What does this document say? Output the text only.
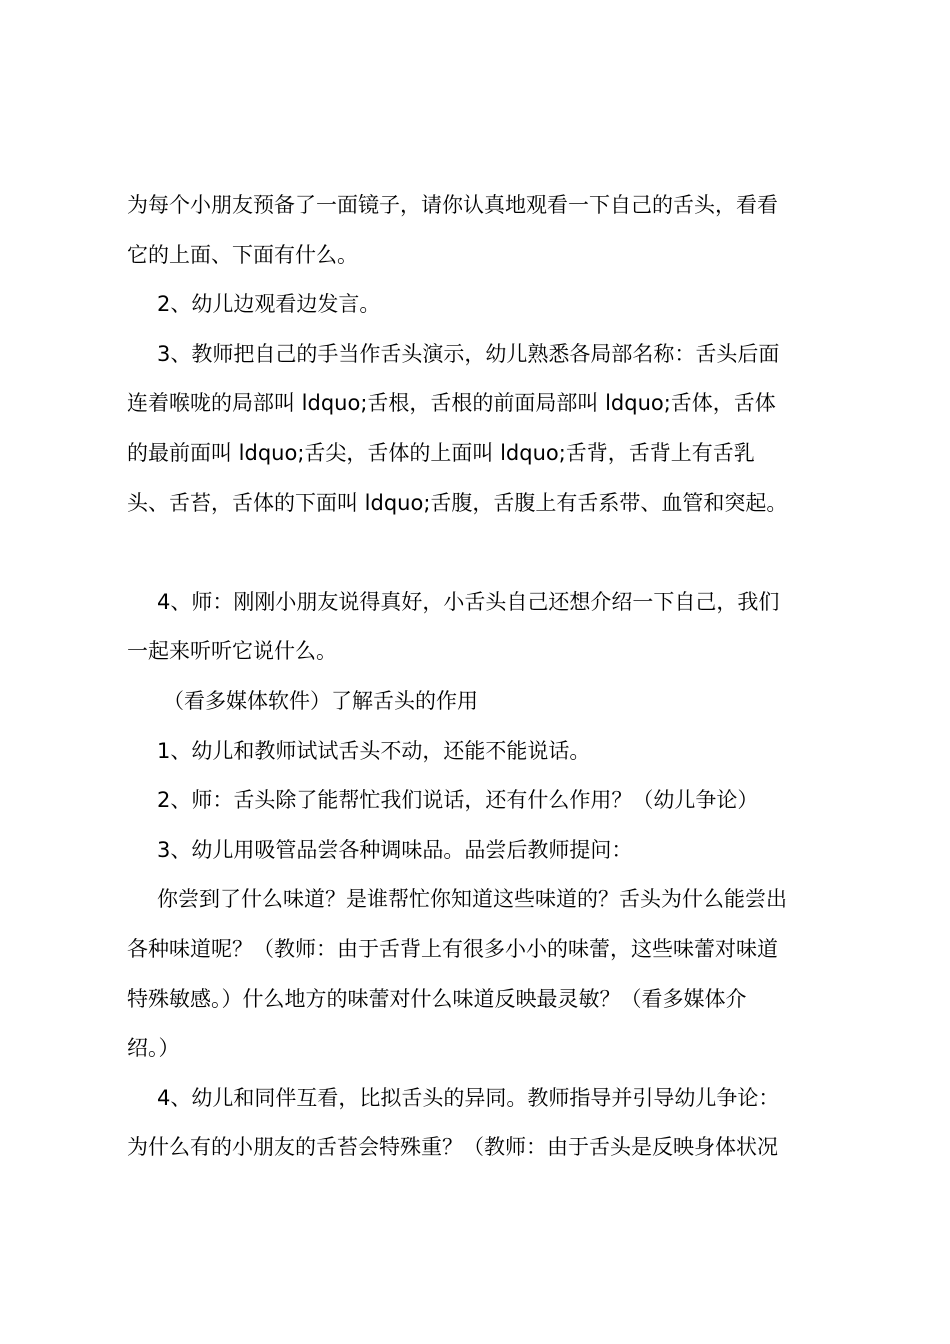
为每个小朋友预备了一面镜子，请你认真地观看一下自己的舌头，看看
它的上面、下面有什么。
2、幼儿边观看边发言。
3、教师把自己的手当作舌头演示，幼儿熟悉各局部名称：舌头后面
连着喉咙的局部叫 ldquo;舌根，舌根的前面局部叫 ldquo;舌体，舌体
的最前面叫 ldquo;舌尖，舌体的上面叫 ldquo;舌背，舌背上有舌乳
头、舌苔，舌体的下面叫 ldquo;舌腹，舌腹上有舌系带、血管和突起。
4、师：刚刚小朋友说得真好，小舌头自己还想介绍一下自己，我们
一起来听听它说什么。
（看多媒体软件）了解舌头的作用
1、幼儿和教师试试舌头不动，还能不能说话。
2、师：舌头除了能帮忙我们说话，还有什么作用？（幼儿争论）
3、幼儿用吸管品尝各种调味品。品尝后教师提问：
你尝到了什么味道？是谁帮忙你知道这些味道的？舌头为什么能尝出
各种味道呢？（教师：由于舌背上有很多小小的味蕾，这些味蕾对味道
特殊敏感。）什么地方的味蕾对什么味道反映最灵敏？（看多媒体介
绍。）
4、幼儿和同伴互看，比拟舌头的异同。教师指导并引导幼儿争论：
为什么有的小朋友的舌苔会特殊重？（教师：由于舌头是反映身体状况
